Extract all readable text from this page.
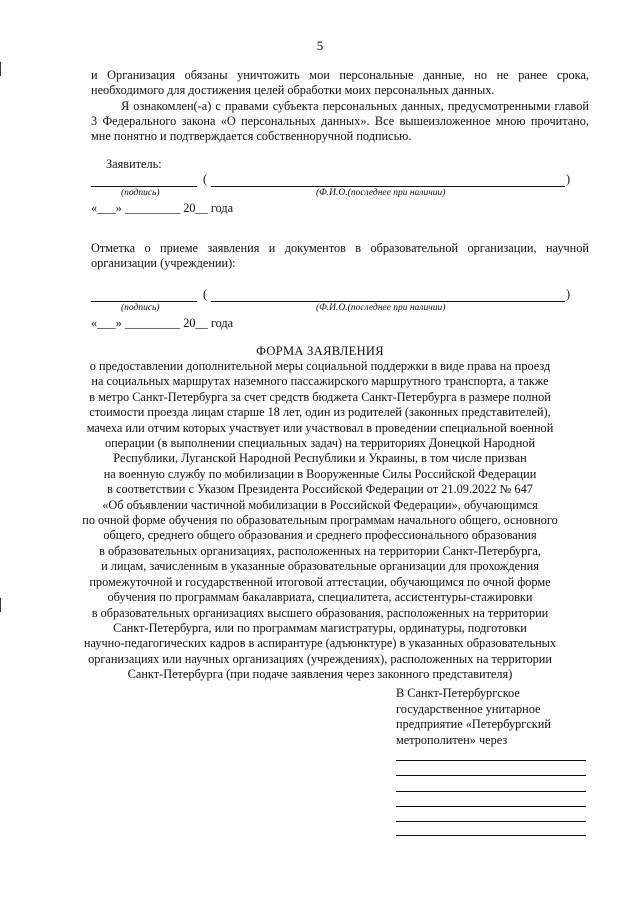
5
и Организация обязаны уничтожить мои персональные данные, но не ранее срока, необходимого для достижения целей обработки моих персональных данных.
Я ознакомлен(-а) с правами субъекта персональных данных, предусмотренными главой 3 Федерального закона «О персональных данных». Все вышеизложенное мною прочитано, мне понятно и подтверждается собственноручной подписью.
Заявитель:
(	)
(подпись)	(Ф.И.О.(последнее при наличии)
«___» _________ 20__ года
Отметка о приеме заявления и документов в образовательной организации, научной организации (учреждении):
(	)
(подпись)	(Ф.И.О.(последнее при наличии)
«___» _________ 20__ года
ФОРМА ЗАЯВЛЕНИЯ
о предоставлении дополнительной меры социальной поддержки в виде права на проезд
на социальных маршрутах наземного пассажирского маршрутного транспорта, а также
в метро Санкт-Петербурга за счет средств бюджета Санкт-Петербурга в размере полной
стоимости проезда лицам старше 18 лет, один из родителей (законных представителей),
мачеха или отчим которых участвует или участвовал в проведении специальной военной
операции (в выполнении специальных задач) на территориях Донецкой Народной
Республики, Луганской Народной Республики и Украины, в том числе призван
на военную службу по мобилизации в Вооруженные Силы Российской Федерации
в соответствии с Указом Президента Российской Федерации от 21.09.2022 № 647
«Об объявлении частичной мобилизации в Российской Федерации», обучающимся
по очной форме обучения по образовательным программам начального общего, основного
общего, среднего общего образования и среднего профессионального образования
в образовательных организациях, расположенных на территории Санкт-Петербурга,
и лицам, зачисленным в указанные образовательные организации для прохождения
промежуточной и государственной итоговой аттестации, обучающимся по очной форме
обучения по программам бакалавриата, специалитета, ассистентуры-стажировки
в образовательных организациях высшего образования, расположенных на территории
Санкт-Петербурга, или по программам магистратуры, ординатуры, подготовки
научно-педагогических кадров в аспирантуре (адъюнктуре) в указанных образовательных
организациях или научных организациях (учреждениях), расположенных на территории
Санкт-Петербурга (при подаче заявления через законного представителя)
В Санкт-Петербургское
государственное унитарное
предприятие «Петербургский
метрополитен» через
